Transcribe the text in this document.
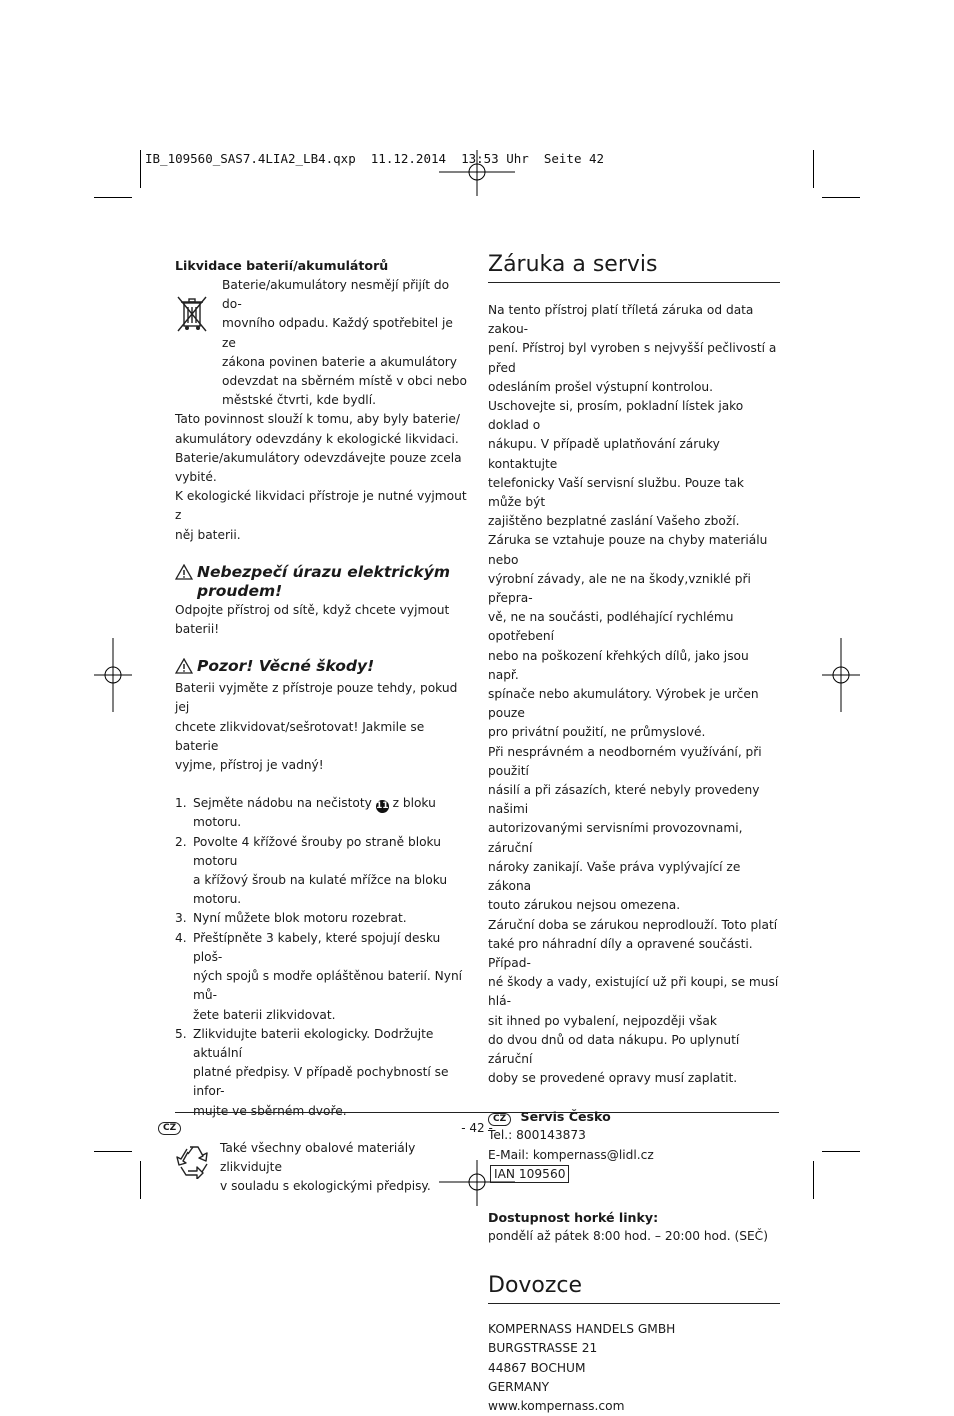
IB_109560_SAS7.4LIA2_LB4.qxp  11.12.2014  13:53 Uhr  Seite 42

Likvidace baterií/akumulátorů

Baterie/akumulátory nesmějí přijít do do-

movního odpadu. Každý spotřebitel je ze

zákona povinen baterie a akumulátory

odevzdat na sběrném místě v obci nebo

městské čtvrti, kde bydlí.

Tato povinnost slouží k tomu, aby byly baterie/

akumulátory odevzdány k ekologické likvidaci.

Baterie/akumulátory odevzdávejte pouze zcela

vybité.

K ekologické likvidaci přístroje je nutné vyjmout z

něj baterii.

Nebezpečí úrazu elektrickým
proudem!

Odpojte přístroj od sítě, když chcete vyjmout baterii!

Pozor! Věcné škody!

Baterii vyjměte z přístroje pouze tehdy, pokud jej

chcete zlikvidovat/sešrotovat! Jakmile se baterie

vyjme, přístroj je vadný!

1. Sejměte nádobu na nečistoty 11 z bloku motoru.
2. Povolte 4 křížové šrouby po straně bloku motoru
a křížový šroub na kulaté mřížce na bloku motoru.
3. Nyní můžete blok motoru rozebrat.
4. Přeštípněte 3 kabely, které spojují desku ploš-
ných spojů s modře opláštěnou baterií. Nyní mů-
žete baterii zlikvidovat.
5. Zlikvidujte baterii ekologicky. Dodržujte aktuální
platné předpisy. V případě pochybností se infor-
mujte ve sběrném dvoře.

Také všechny obalové materiály zlikvidujte

v souladu s ekologickými předpisy.

Záruka a servis

Na tento přístroj platí tříletá záruka od data zakou-

pení. Přístroj byl vyroben s nejvyšší pečlivostí a před

odesláním prošel výstupní kontrolou.

Uschovejte si, prosím, pokladní lístek jako doklad o

nákupu. V případě uplatňování záruky kontaktujte

telefonicky Vaší servisní službu. Pouze tak může být

zajištěno bezplatné zaslání Vašeho zboží.

Záruka se vztahuje pouze na chyby materiálu nebo

výrobní závady, ale ne na škody,vzniklé při přepra-

vě, ne na součásti, podléhající rychlému opotřebení

nebo na poškození křehkých dílů, jako jsou např.

spínače nebo akumulátory. Výrobek je určen pouze

pro privátní použití, ne průmyslové.

Při nesprávném a neodborném využívání, při použití

násilí a při zásazích, které nebyly provedeny našimi

autorizovanými servisními provozovnami, záruční

nároky zanikají. Vaše práva vyplývající ze zákona

touto zárukou nejsou omezena.

Záruční doba se zárukou neprodlouží. Toto platí

také pro náhradní díly a opravené součásti. Případ-

né škody a vady, existující už při koupi, se musí hlá-

sit ihned po vybalení, nejpozději však

do dvou dnů od data nákupu. Po uplynutí záruční

doby se provedené opravy musí zaplatit.

CZ Servis Česko

Tel.: 800143873

E-Mail: kompernass@lidl.cz

IAN 109560

Dostupnost horké linky:

pondělí až pátek 8:00 hod. – 20:00 hod. (SEČ)

Dovozce

KOMPERNASS HANDELS GMBH

BURGSTRASSE 21

44867 BOCHUM

GERMANY

www.kompernass.com

CZ	- 42 -
